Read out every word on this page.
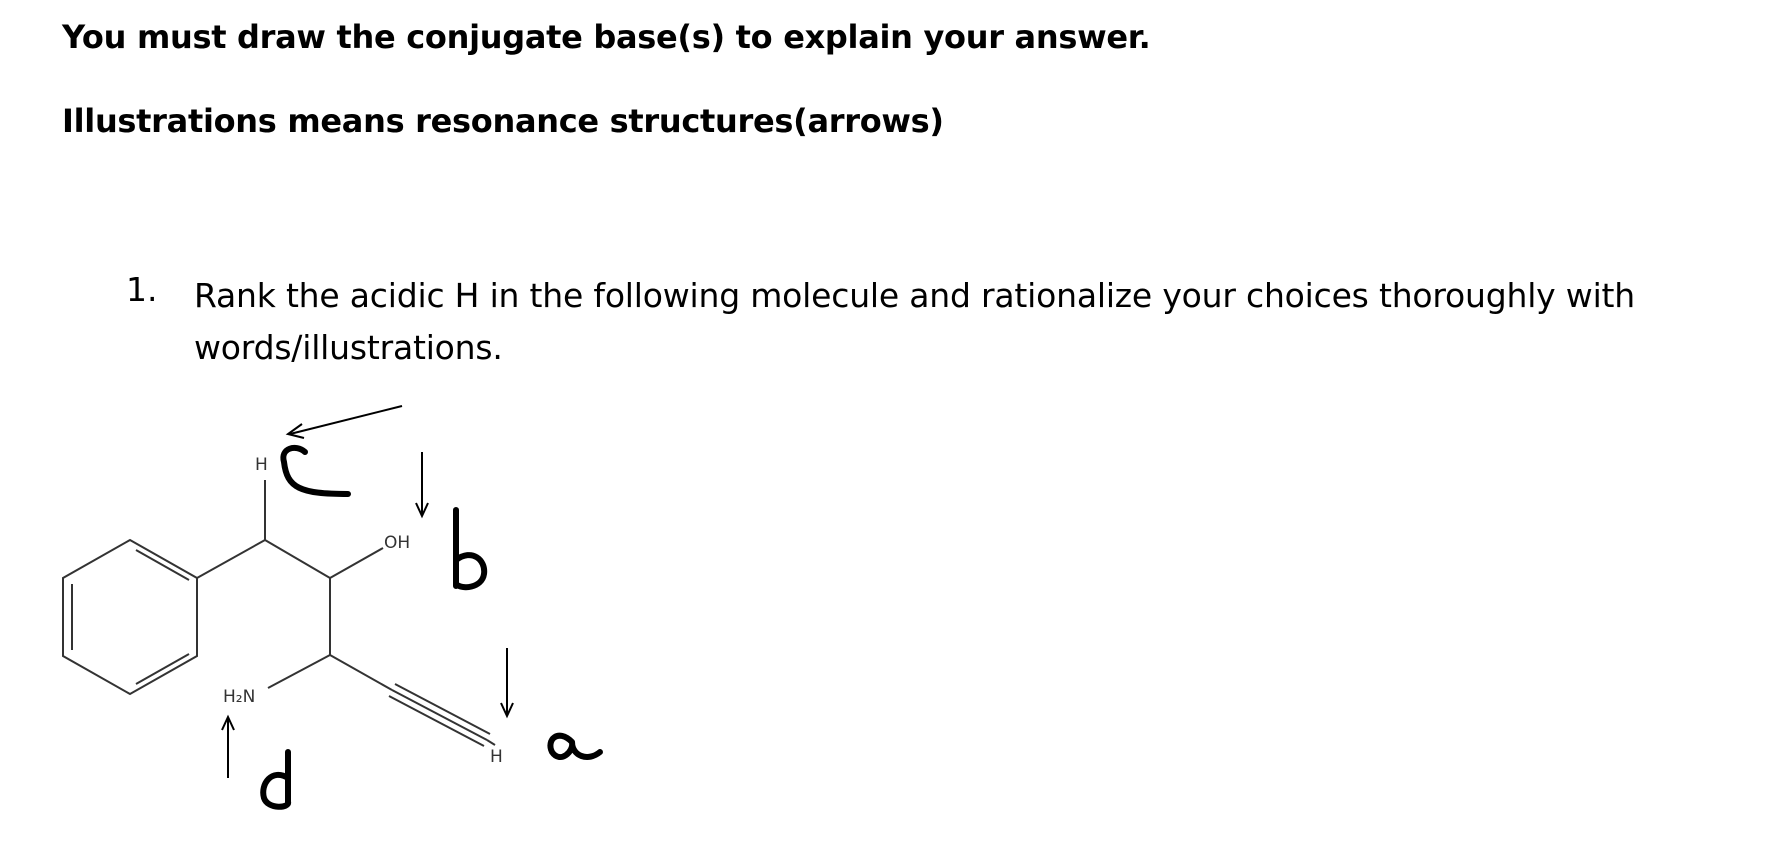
You must draw the conjugate base(s) to explain your answer.
Illustrations means resonance structures(arrows)
1. Rank the acidic H in the following molecule and rationalize your choices thoroughly with words/illustrations.
H
OH
H₂N
H
